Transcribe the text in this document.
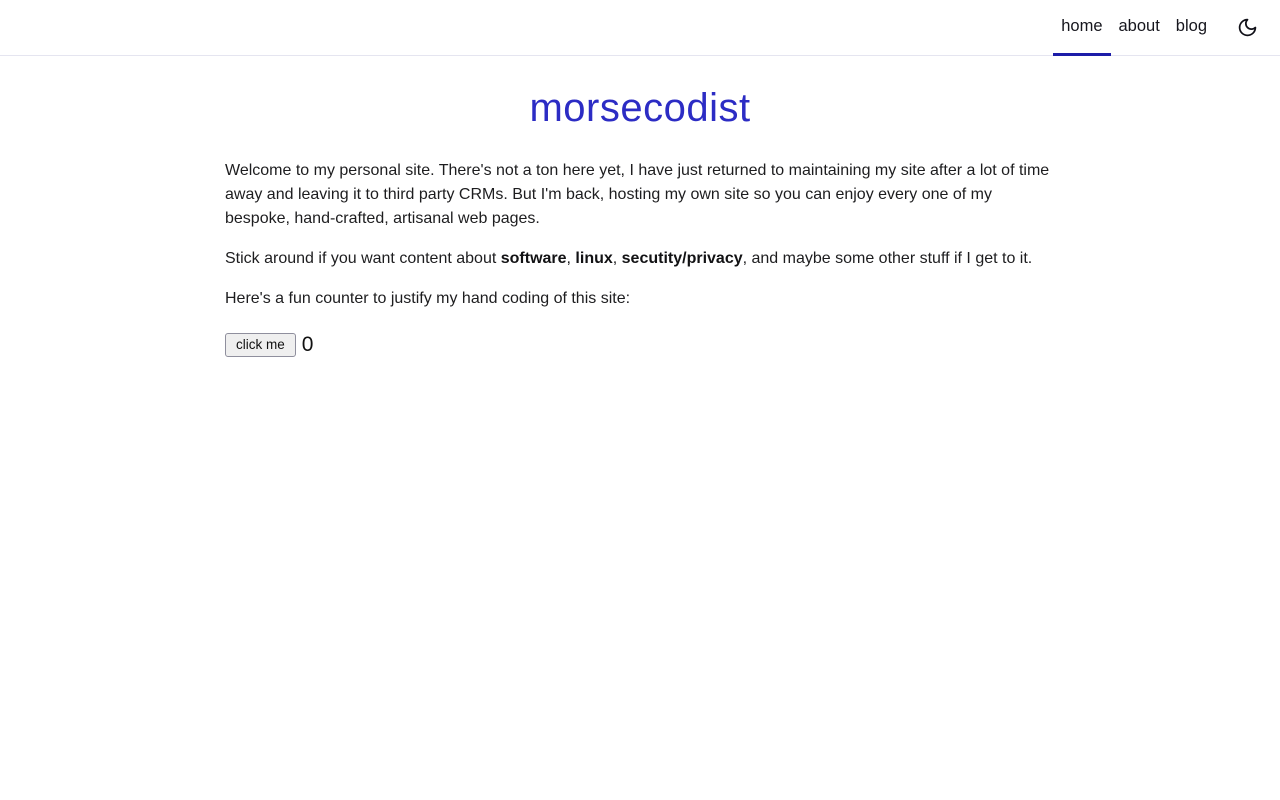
home about blog
morsecodist

Welcome to my personal site. There's not a ton here yet, I have just returned to maintaining my site after a lot of time away and leaving it to third party CRMs. But I'm back, hosting my own site so you can enjoy every one of my bespoke, hand-crafted, artisanal web pages.

Stick around if you want content about software, linux, secutity/privacy, and maybe some other stuff if I get to it.

Here's a fun counter to justify my hand coding of this site:

click me 0
